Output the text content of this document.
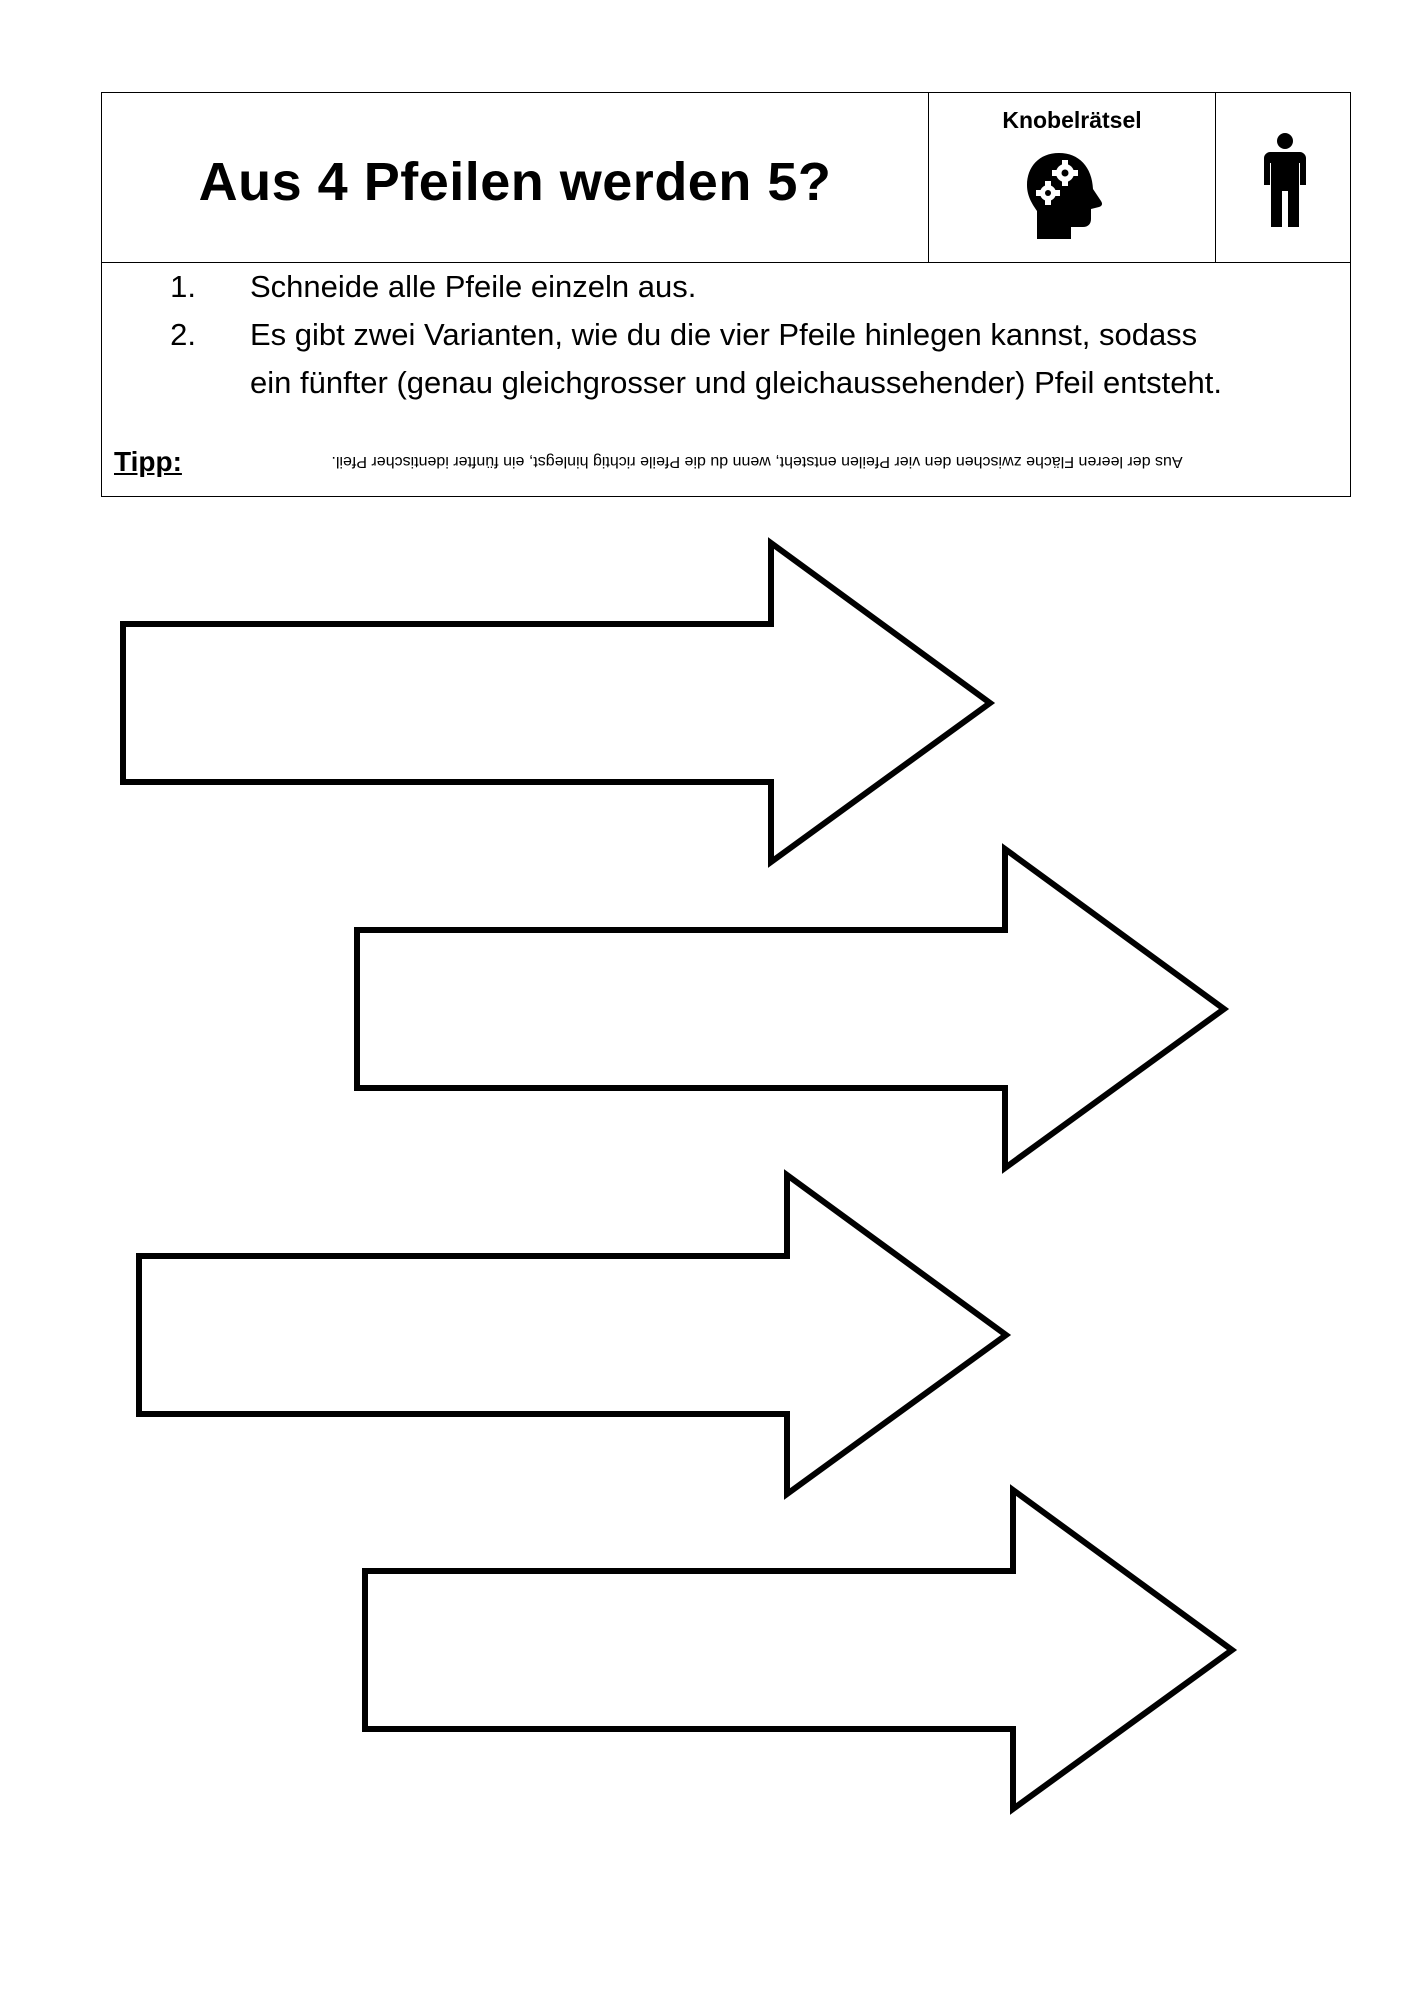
Aus 4 Pfeilen werden 5?
Knobelrätsel
1. Schneide alle Pfeile einzeln aus.
2. Es gibt zwei Varianten, wie du die vier Pfeile hinlegen kannst, sodass
ein fünfter (genau gleichgrosser und gleichaussehender) Pfeil entsteht.
Tipp:	Aus der leeren Fläche zwischen den vier Pfeilen entsteht, wenn du die Pfeile richtig hinlegst, ein fünfter identischer Pfeil.
